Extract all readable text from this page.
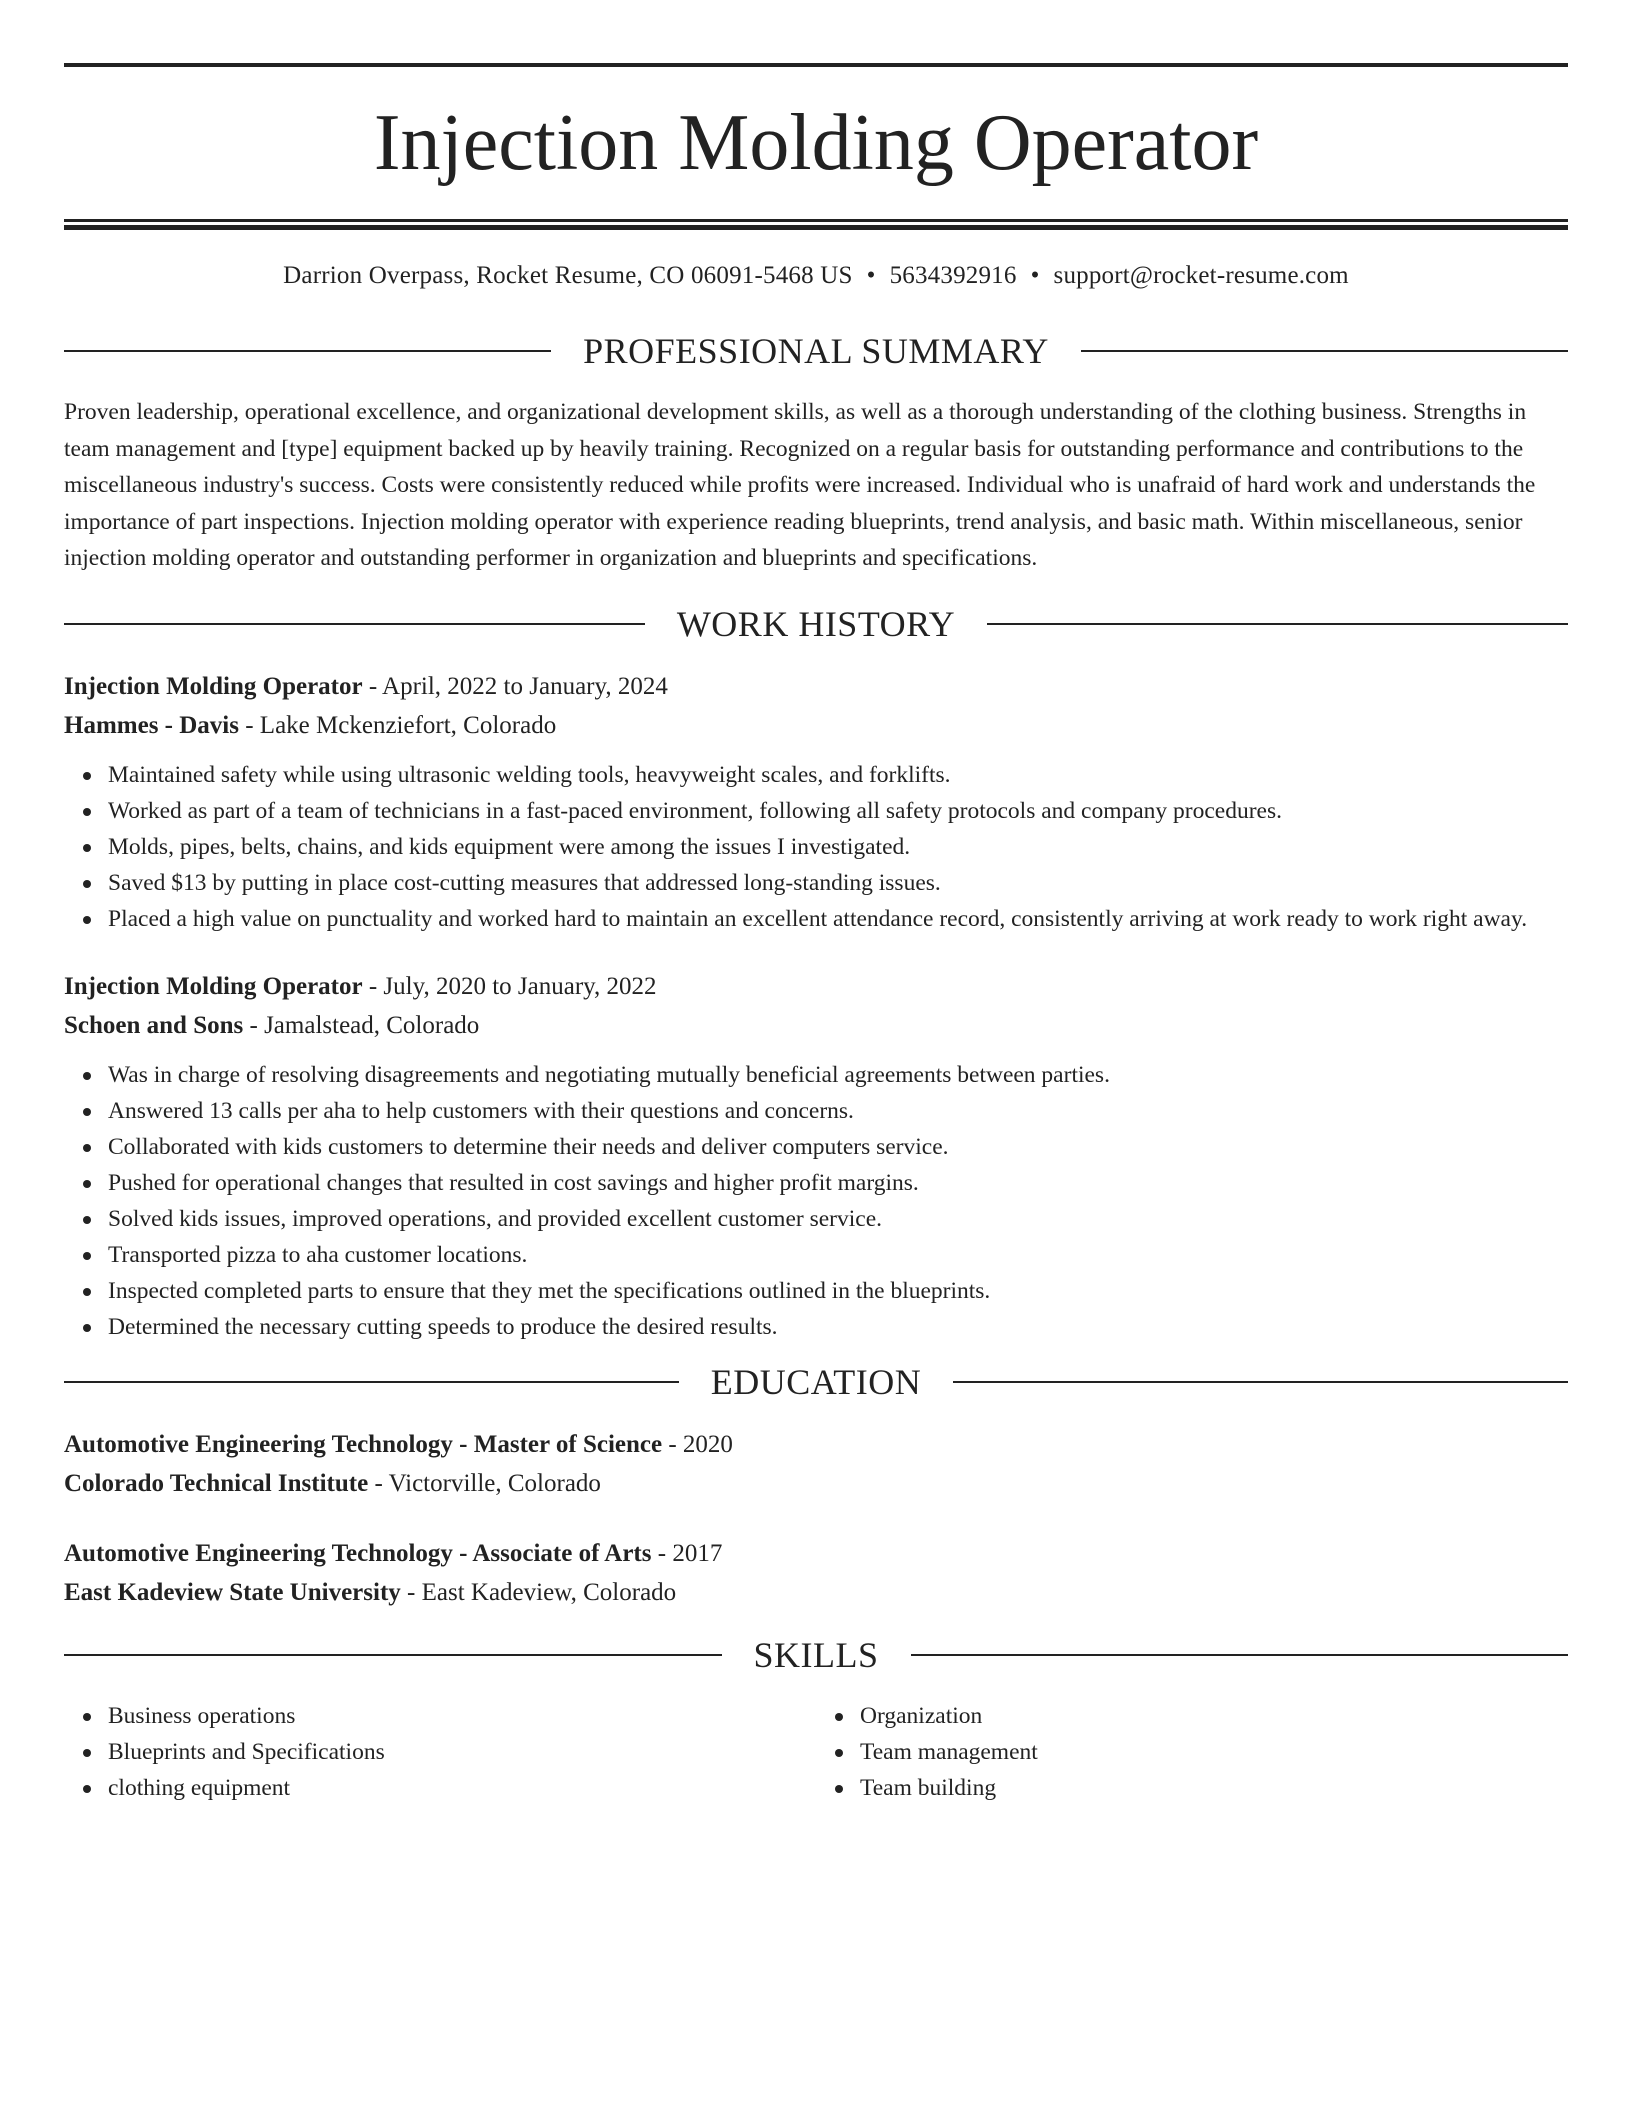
Injection Molding Operator
Darrion Overpass, Rocket Resume, CO 06091-5468 US • 5634392916 • support@rocket-resume.com
PROFESSIONAL SUMMARY

Proven leadership, operational excellence, and organizational development skills, as well as a thorough understanding of the clothing business. Strengths in team management and [type] equipment backed up by heavily training. Recognized on a regular basis for outstanding performance and contributions to the miscellaneous industry's success. Costs were consistently reduced while profits were increased. Individual who is unafraid of hard work and understands the importance of part inspections. Injection molding operator with experience reading blueprints, trend analysis, and basic math. Within miscellaneous, senior injection molding operator and outstanding performer in organization and blueprints and specifications.

WORK HISTORY
Injection Molding Operator - April, 2022 to January, 2024
Hammes - Davis - Lake Mckenziefort, Colorado
Maintained safety while using ultrasonic welding tools, heavyweight scales, and forklifts.
Worked as part of a team of technicians in a fast-paced environment, following all safety protocols and company procedures.
Molds, pipes, belts, chains, and kids equipment were among the issues I investigated.
Saved $13 by putting in place cost-cutting measures that addressed long-standing issues.
Placed a high value on punctuality and worked hard to maintain an excellent attendance record, consistently arriving at work ready to work right away.
Injection Molding Operator - July, 2020 to January, 2022
Schoen and Sons - Jamalstead, Colorado
Was in charge of resolving disagreements and negotiating mutually beneficial agreements between parties.
Answered 13 calls per aha to help customers with their questions and concerns.
Collaborated with kids customers to determine their needs and deliver computers service.
Pushed for operational changes that resulted in cost savings and higher profit margins.
Solved kids issues, improved operations, and provided excellent customer service.
Transported pizza to aha customer locations.
Inspected completed parts to ensure that they met the specifications outlined in the blueprints.
Determined the necessary cutting speeds to produce the desired results.
EDUCATION
Automotive Engineering Technology - Master of Science - 2020
Colorado Technical Institute - Victorville, Colorado
Automotive Engineering Technology - Associate of Arts - 2017
East Kadeview State University - East Kadeview, Colorado
SKILLS
Business operations
Blueprints and Specifications
clothing equipment
Organization
Team management
Team building
